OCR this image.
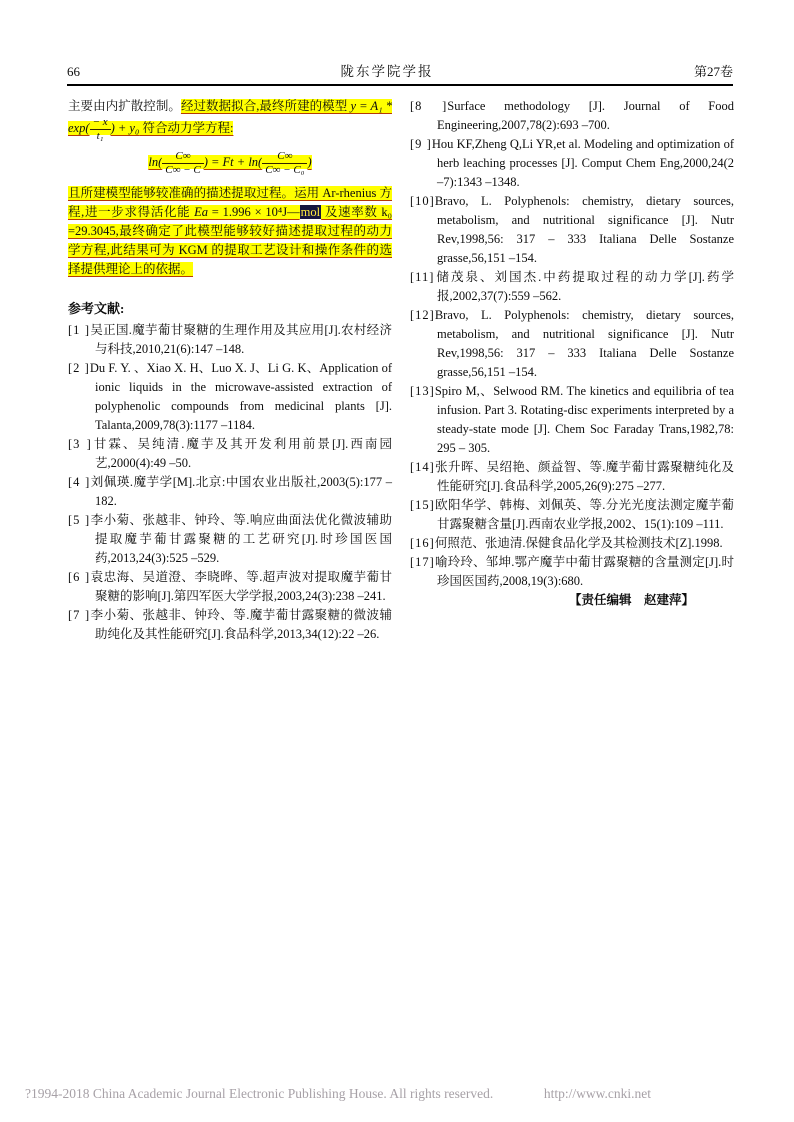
66	陇东学院学报	第27卷

主要由内扩散控制。经过数据拟合,最终所建的模型 $y = A_1 * \exp( \frac{- x}{\text{t₁}}$ ) + y₀ 符合动力学方程:

$\ln( \frac{C\infty}{C\infty - C}$ ) = $Ft + \ln( \frac{C\infty}{\text{C∞ − C₀}}$ )

且所建模型能够较准确的描述提取过程。运用 Ar-rhenius 方程,进一步求得活化能 Ea = 1.996 × 10⁴J—mol 及速率数 k₀ =29.3045,最终确定了此模型能够较好描述提取过程的动力学方程,此结果可为 KGM 的提取工艺设计和操作条件的选择提供理论上的依据。

参考文献:

[1 ]吴正国.魔芋葡甘聚糖的生理作用及其应用[J].农村经济与科技,2010,21(6):147 –148.

[2 ]Du F. Y. 、Xiao X. H、Luo X. J、Li G. K、Application of ionic liquids in the microwave-assisted extraction of polyphenolic compounds from medicinal plants [J]. Talanta,2009,78(3):1177 –1184.

[3 ]甘霖、吴纯清.魔芋及其开发利用前景[J].西南园艺,2000(4):49 –50.

[4 ]刘佩瑛.魔芋学[M].北京:中国农业出版社,2003(5):177 –182.

[5 ]李小菊、张越非、钟玲、等.响应曲面法优化微波辅助提取魔芋葡甘露聚糖的工艺研究[J].时珍国医国药,2013,24(3):525 –529.

[6 ]袁忠海、吴道澄、李晓晔、等.超声波对提取魔芋葡甘聚糖的影响[J].第四军医大学学报,2003,24(3):238 –241.

[7 ]李小菊、张越非、钟玲、等.魔芋葡甘露聚糖的微波辅助纯化及其性能研究[J].食品科学,2013,34(12):22 –26.

[8 ]Surface methodology [J]. Journal of Food Engineering,2007,78(2):693 –700.

[9 ]Hou KF,Zheng Q,Li YR,et al. Modeling and optimization of herb leaching processes [J]. Comput Chem Eng,2000,24(2 –7):1343 –1348.

[10]Bravo, L. Polyphenols: chemistry, dietary sources, metabolism, and nutritional significance [J]. Nutr Rev,1998,56: 317 – 333 Italiana Delle Sostanze grasse,56,151 –154.

[11]储茂泉、刘国杰.中药提取过程的动力学[J].药学报,2002,37(7):559 –562.

[12]Bravo, L. Polyphenols: chemistry, dietary sources, metabolism, and nutritional significance [J]. Nutr Rev,1998,56: 317 – 333 Italiana Delle Sostanze grasse,56,151 –154.

[13]Spiro M,、Selwood RM. The kinetics and equilibria of tea infusion. Part 3. Rotating-disc experiments interpreted by a steady-state mode [J]. Chem Soc Faraday Trans,1982,78: 295 – 305.

[14]张升晖、吴绍艳、颜益智、等.魔芋葡甘露聚糖纯化及性能研究[J].食品科学,2005,26(9):275 –277.

[15]欧阳华学、韩梅、刘佩英、等.分光光度法测定魔芋葡甘露聚糖含量[J].西南农业学报,2002、15(1):109 –111.

[16]何照范、张迪清.保健食品化学及其检测技术[Z].1998.

[17]喻玲玲、邹坤.鄂产魔芋中葡甘露聚糖的含量测定[J].时珍国医国药,2008,19(3):680.

【责任编辑　赵建萍】

?1994-2018 China Academic Journal Electronic Publishing House. All rights reserved.	http://www.cnki.net
